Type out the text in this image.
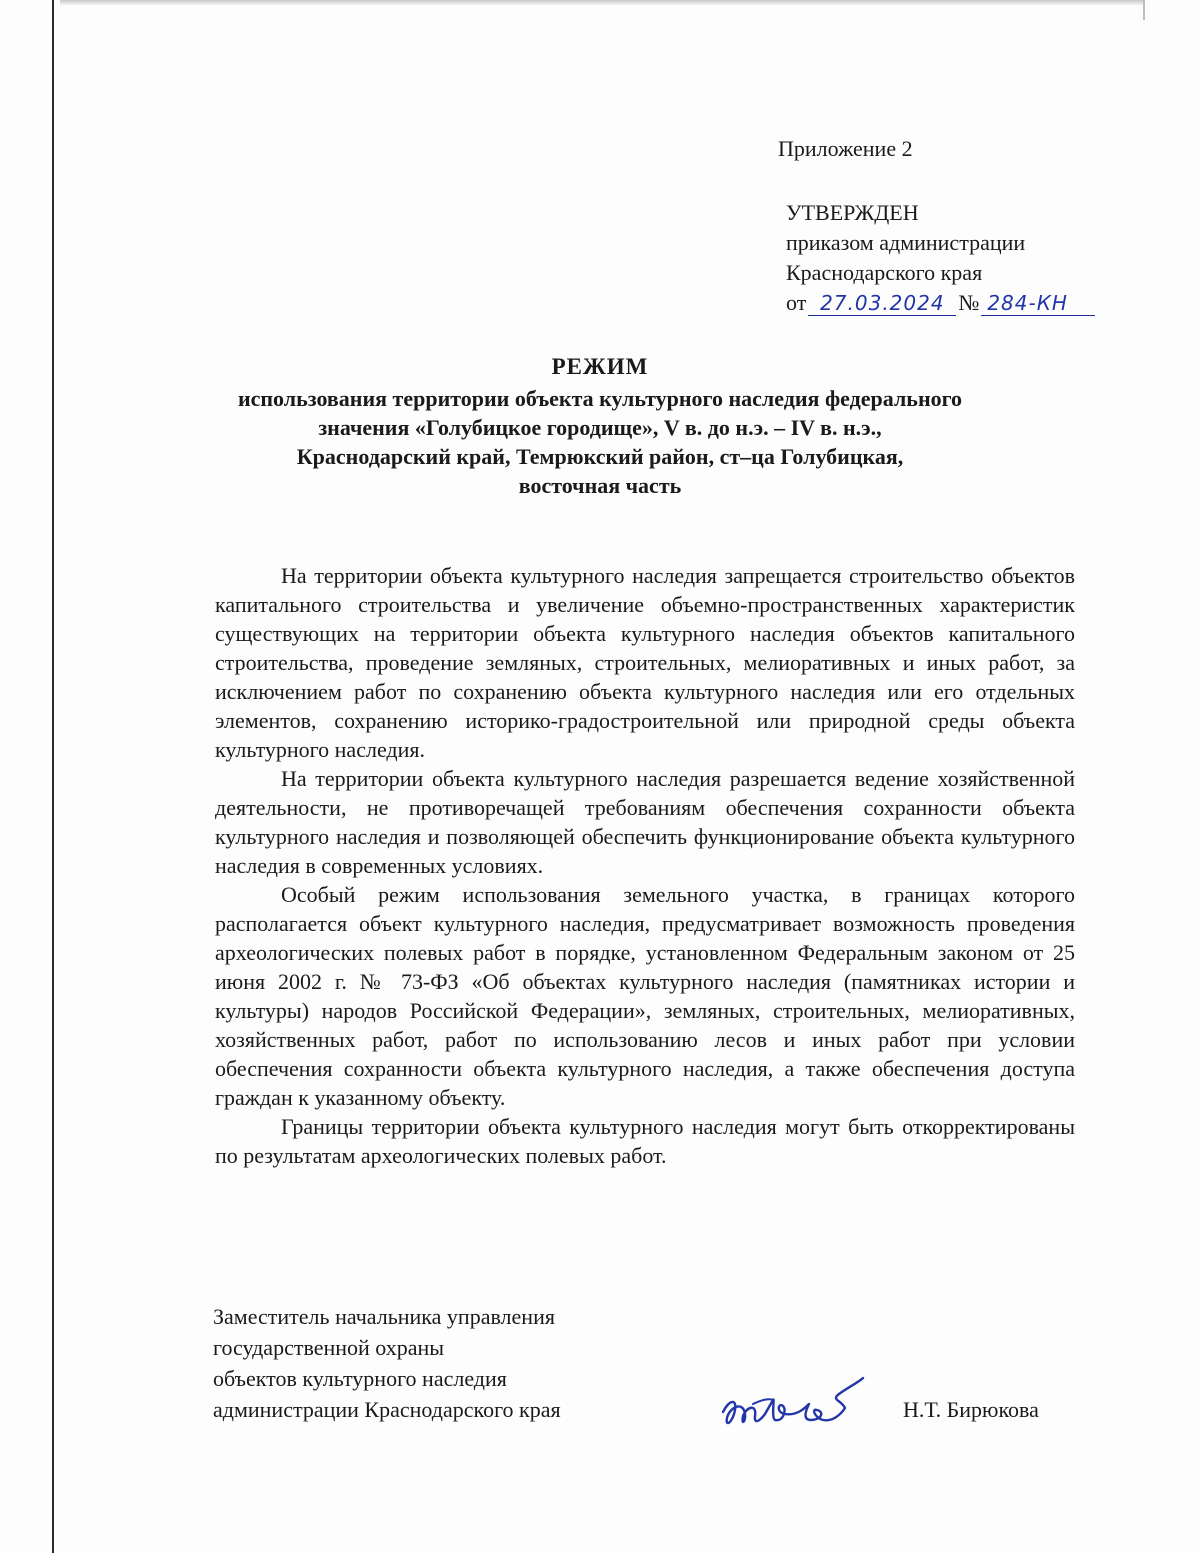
Приложение 2
УТВЕРЖДЕН
приказом администрации
Краснодарского края
от 27.03.2024 № 284-КН
РЕЖИМ
использования территории объекта культурного наследия федерального
значения «Голубицкое городище», V в. до н.э. – IV в. н.э.,
Краснодарский край, Темрюкский район, ст–ца Голубицкая,
восточная часть

На территории объекта культурного наследия запрещается строительство объектов капитального строительства и увеличение объемно-пространственных характеристик существующих на территории объекта культурного наследия объектов капитального строительства, проведение земляных, строительных, мелиоративных и иных работ, за исключением работ по сохранению объекта культурного наследия или его отдельных элементов, сохранению историко-градостроительной или природной среды объекта культурного наследия.

На территории объекта культурного наследия разрешается ведение хозяйственной деятельности, не противоречащей требованиям обеспечения сохранности объекта культурного наследия и позволяющей обеспечить функционирование объекта культурного наследия в современных условиях.

Особый режим использования земельного участка, в границах которого располагается объект культурного наследия, предусматривает возможность проведения археологических полевых работ в порядке, установленном Федеральным законом от 25 июня 2002 г. № 73-ФЗ «Об объектах культурного наследия (памятниках истории и культуры) народов Российской Федерации», земляных, строительных, мелиоративных, хозяйственных работ, работ по использованию лесов и иных работ при условии обеспечения сохранности объекта культурного наследия, а также обеспечения доступа граждан к указанному объекту.

Границы территории объекта культурного наследия могут быть откорректированы по результатам археологических полевых работ.

Заместитель начальника управления
государственной охраны
объектов культурного наследия
администрации Краснодарского края	Н.Т. Бирюкова
